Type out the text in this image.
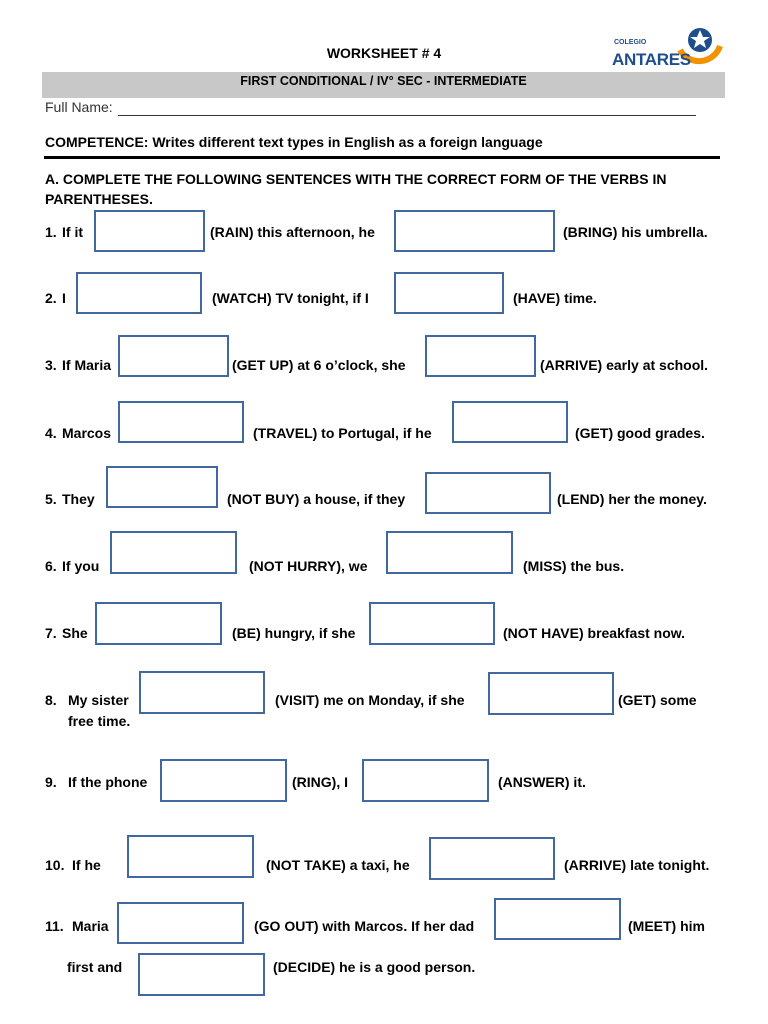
WORKSHEET # 4
COLEGIO
ANTARES
FIRST CONDITIONAL / IV° SEC - INTERMEDIATE
Full Name:
COMPETENCE: Writes different text types in English as a foreign language
A. COMPLETE THE FOLLOWING SENTENCES WITH THE CORRECT FORM OF THE VERBS IN PARENTHESES.
1. If it	(RAIN) this afternoon, he	(BRING) his umbrella.
2. I	(WATCH) TV tonight, if I	(HAVE) time.
3. If Maria	(GET UP) at 6 o’clock, she	(ARRIVE) early at school.
4. Marcos	(TRAVEL) to Portugal, if he	(GET) good grades.
5. They	(NOT BUY) a house, if they	(LEND) her the money.
6. If you	(NOT HURRY), we	(MISS) the bus.
7. She	(BE) hungry, if she	(NOT HAVE) breakfast now.
8. My sister	(VISIT) me on Monday, if she	(GET) some
free time.
9. If the phone	(RING), I	(ANSWER) it.
10. If he	(NOT TAKE) a taxi, he	(ARRIVE) late tonight.
11. Maria	(GO OUT) with Marcos. If her dad	(MEET) him
first and	(DECIDE) he is a good person.
